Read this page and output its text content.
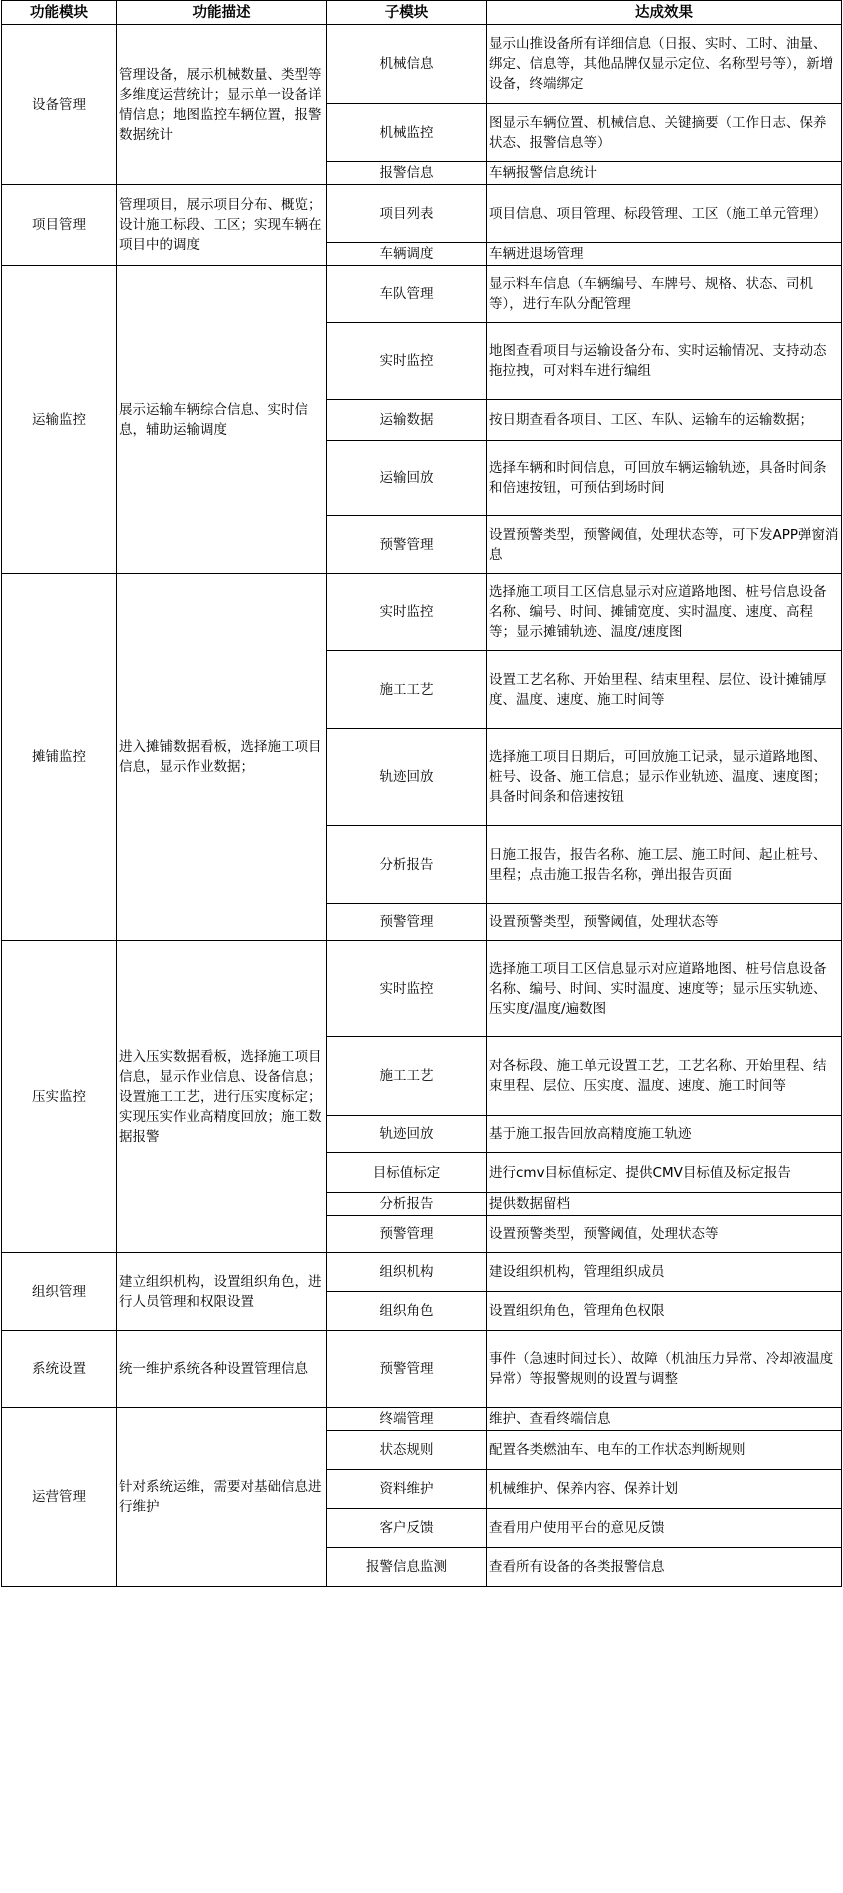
功能模块	功能描述	子模块	达成效果
设备管理	管理设备，展示机械数量、类型等多维度运营统计；显示单一设备详情信息；地图监控车辆位置，报警数据统计	机械信息	显示山推设备所有详细信息（日报、实时、工时、油量、绑定、信息等，其他品牌仅显示定位、名称型号等），新增设备，终端绑定
		机械监控	图显示车辆位置、机械信息、关键摘要（工作日志、保养状态、报警信息等）
		报警信息	车辆报警信息统计
项目管理	管理项目，展示项目分布、概览；设计施工标段、工区；实现车辆在项目中的调度	项目列表	项目信息、项目管理、标段管理、工区（施工单元管理）
		车辆调度	车辆进退场管理
运输监控	展示运输车辆综合信息、实时信息，辅助运输调度	车队管理	显示料车信息（车辆编号、车牌号、规格、状态、司机等），进行车队分配管理
		实时监控	地图查看项目与运输设备分布、实时运输情况、支持动态拖拉拽，可对料车进行编组
		运输数据	按日期查看各项目、工区、车队、运输车的运输数据；
		运输回放	选择车辆和时间信息，可回放车辆运输轨迹，具备时间条和倍速按钮，可预估到场时间
		预警管理	设置预警类型，预警阈值，处理状态等，可下发APP弹窗消息
摊铺监控	进入摊铺数据看板，选择施工项目信息，显示作业数据；	实时监控	选择施工项目工区信息显示对应道路地图、桩号信息设备名称、编号、时间、摊铺宽度、实时温度、速度、高程等；显示摊铺轨迹、温度/速度图
		施工工艺	设置工艺名称、开始里程、结束里程、层位、设计摊铺厚度、温度、速度、施工时间等
		轨迹回放	选择施工项目日期后，可回放施工记录，显示道路地图、桩号、设备、施工信息；显示作业轨迹、温度、速度图；具备时间条和倍速按钮
		分析报告	日施工报告，报告名称、施工层、施工时间、起止桩号、里程；点击施工报告名称，弹出报告页面
		预警管理	设置预警类型，预警阈值，处理状态等
压实监控	进入压实数据看板，选择施工项目信息，显示作业信息、设备信息；设置施工工艺，进行压实度标定；实现压实作业高精度回放；施工数据报警	实时监控	选择施工项目工区信息显示对应道路地图、桩号信息设备名称、编号、时间、实时温度、速度等；显示压实轨迹、压实度/温度/遍数图
		施工工艺	对各标段、施工单元设置工艺，工艺名称、开始里程、结束里程、层位、压实度、温度、速度、施工时间等
		轨迹回放	基于施工报告回放高精度施工轨迹
		目标值标定	进行cmv目标值标定、提供CMV目标值及标定报告
		分析报告	提供数据留档
		预警管理	设置预警类型，预警阈值，处理状态等
组织管理	建立组织机构，设置组织角色，进行人员管理和权限设置	组织机构	建设组织机构，管理组织成员
		组织角色	设置组织角色，管理角色权限
系统设置	统一维护系统各种设置管理信息	预警管理	事件（急速时间过长）、故障（机油压力异常、冷却液温度异常）等报警规则的设置与调整
运营管理	针对系统运维，需要对基础信息进行维护	终端管理	维护、查看终端信息
		状态规则	配置各类燃油车、电车的工作状态判断规则
		资料维护	机械维护、保养内容、保养计划
		客户反馈	查看用户使用平台的意见反馈
		报警信息监测	查看所有设备的各类报警信息
